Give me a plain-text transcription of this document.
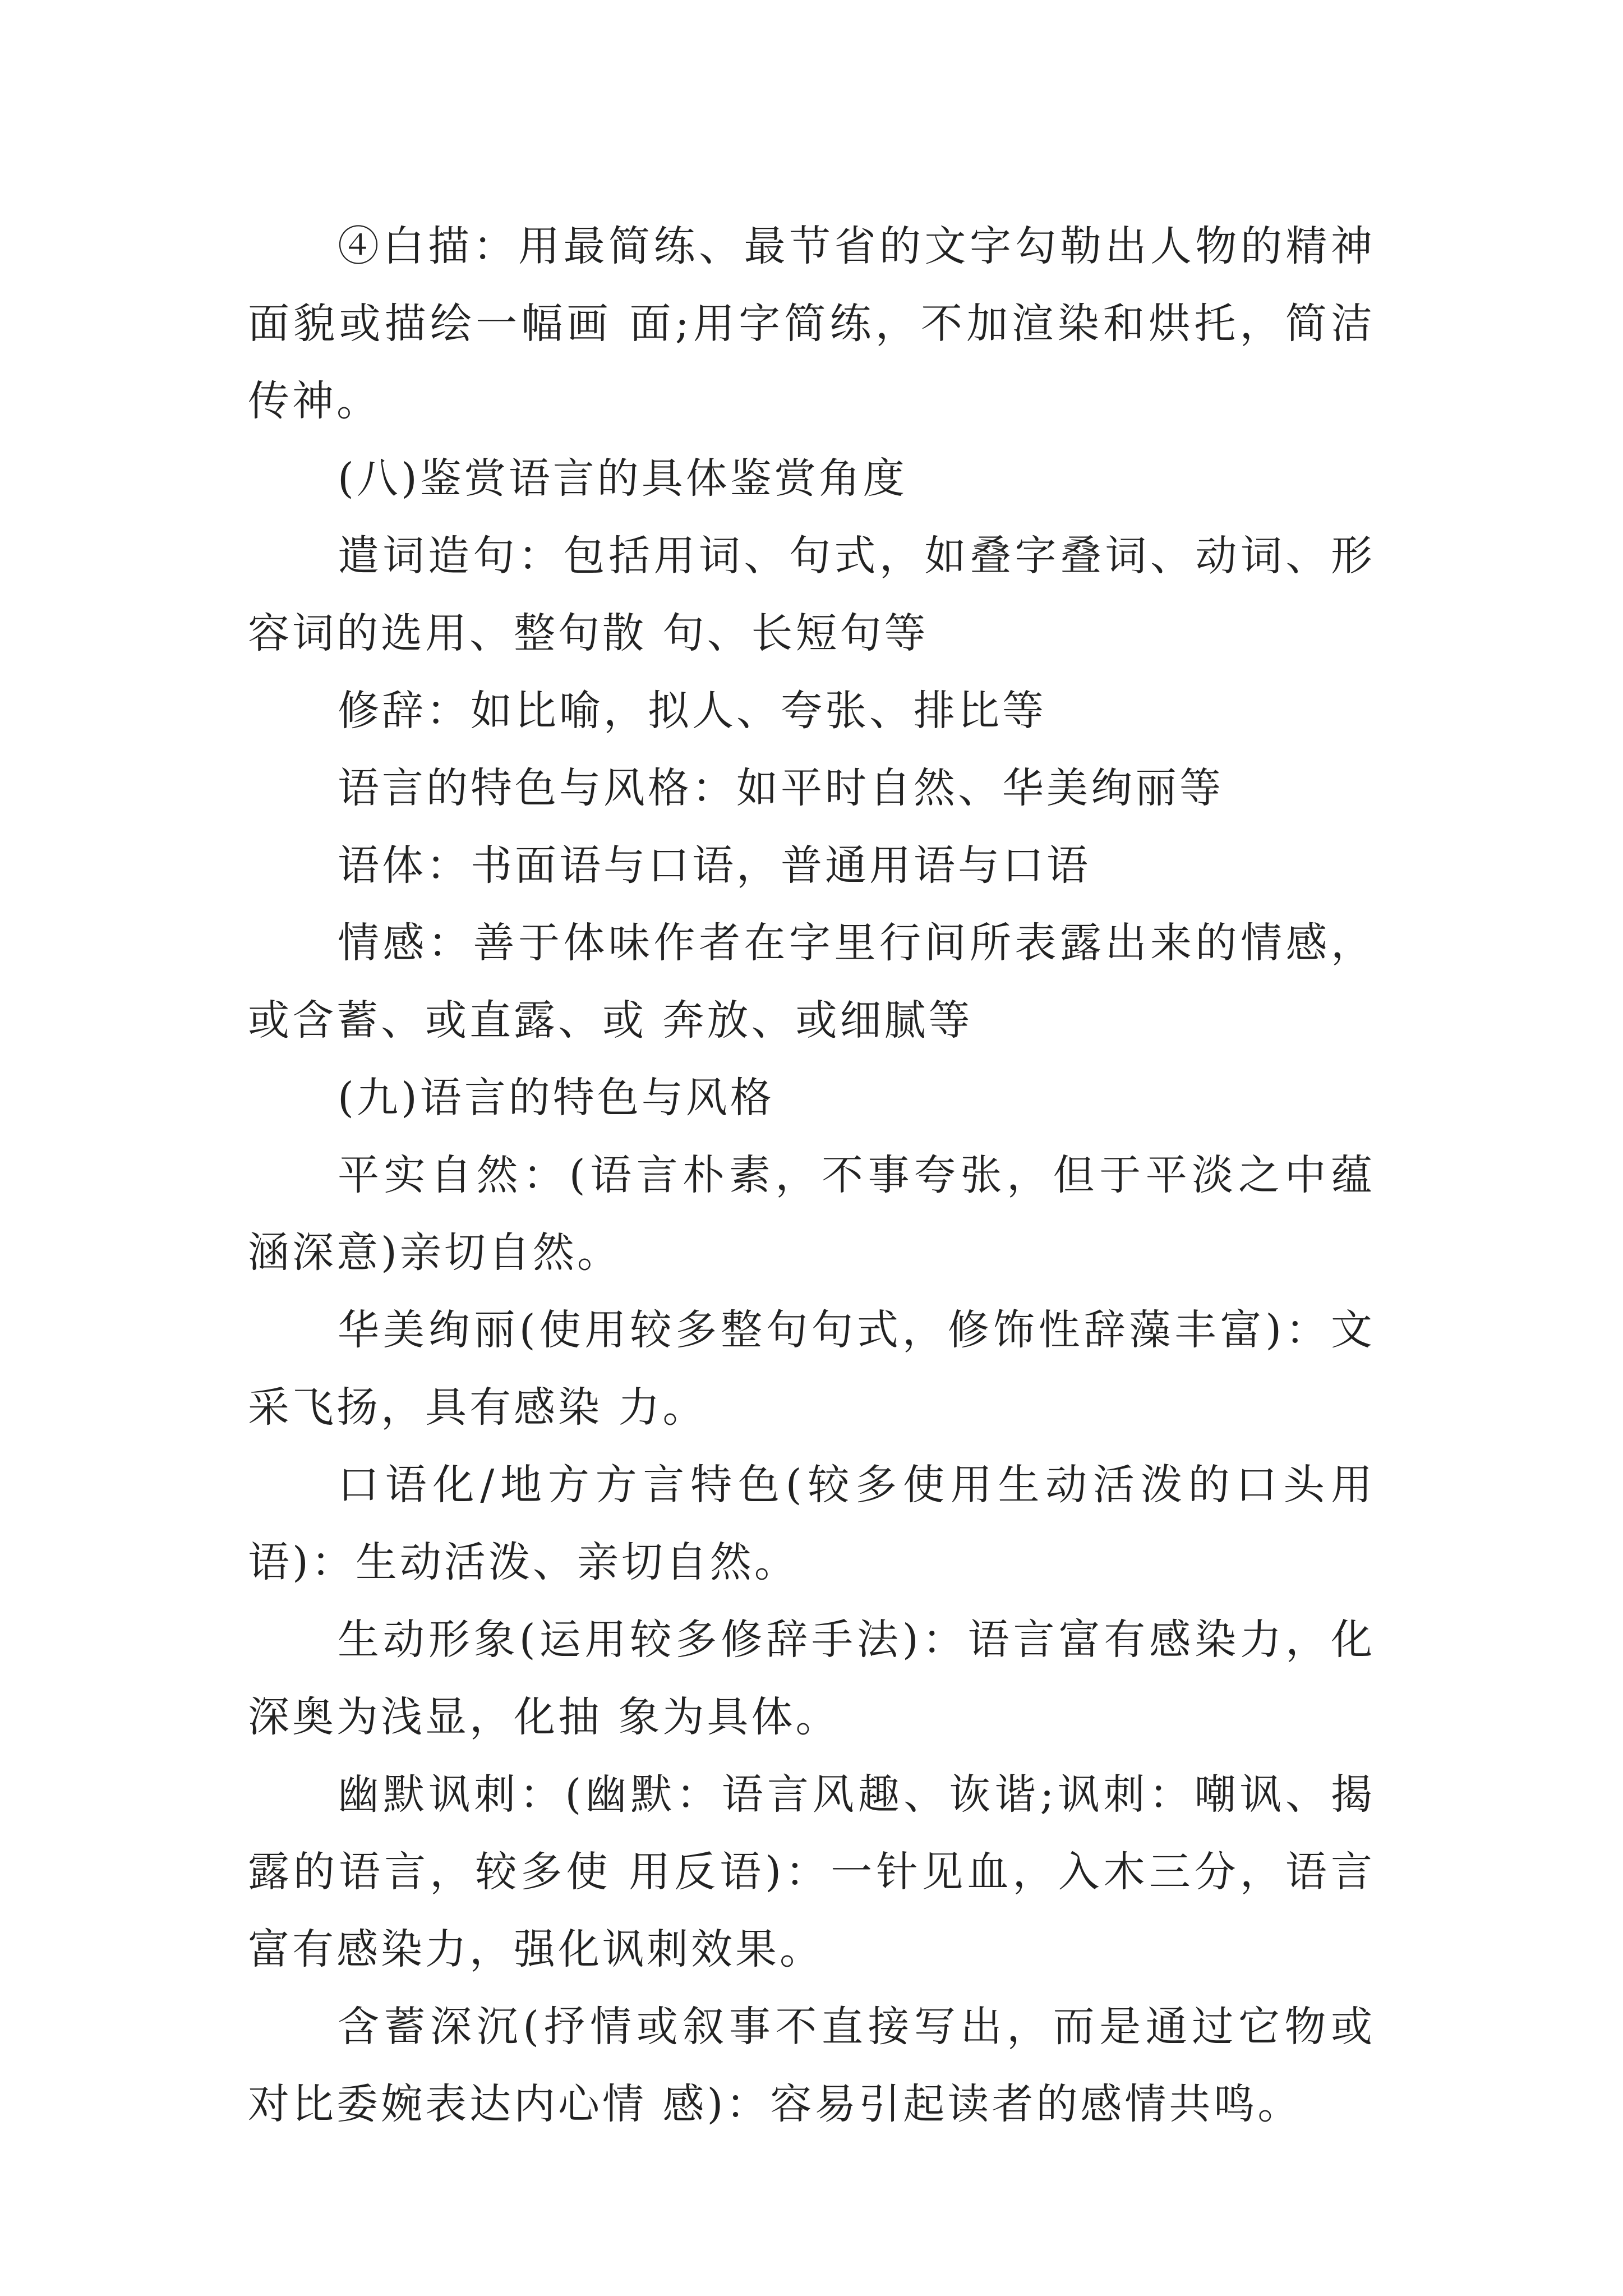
④白描：用最简练、最节省的文字勾勒出人物的精神面貌或描绘一幅画 面;用字简练，不加渲染和烘托，简洁传神。

(八)鉴赏语言的具体鉴赏角度

遣词造句：包括用词、句式，如叠字叠词、动词、形容词的选用、整句散 句、长短句等

修辞：如比喻，拟人、夸张、排比等

语言的特色与风格：如平时自然、华美绚丽等

语体：书面语与口语，普通用语与口语

情感：善于体味作者在字里行间所表露出来的情感，或含蓄、或直露、或 奔放、或细腻等

(九)语言的特色与风格

平实自然：(语言朴素，不事夸张，但于平淡之中蕴涵深意)亲切自然。

华美绚丽(使用较多整句句式，修饰性辞藻丰富)：文采飞扬，具有感染 力。

口语化/地方方言特色(较多使用生动活泼的口头用语)：生动活泼、亲切自然。

生动形象(运用较多修辞手法)：语言富有感染力，化深奥为浅显，化抽 象为具体。

幽默讽刺：(幽默：语言风趣、诙谐;讽刺：嘲讽、揭露的语言，较多使 用反语)：一针见血，入木三分，语言富有感染力，强化讽刺效果。

含蓄深沉(抒情或叙事不直接写出，而是通过它物或对比委婉表达内心情 感)：容易引起读者的感情共鸣。
